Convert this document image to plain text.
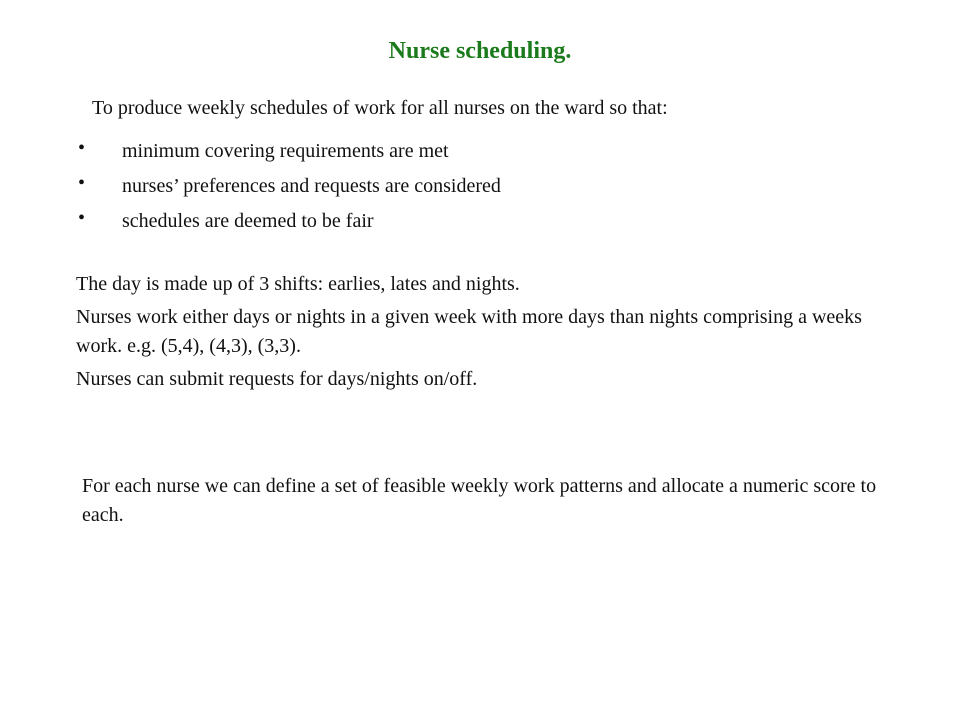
Nurse scheduling.
To produce weekly schedules of work for all nurses on the ward so that:
•	minimum covering requirements are met
•	nurses’ preferences and requests are considered
•	schedules are deemed to be fair

The day is made up of 3 shifts: earlies, lates and nights.

Nurses work either days or nights in a given week with more days than nights comprising a weeks work. e.g. (5,4), (4,3), (3,3).

Nurses can submit requests for days/nights on/off.

For each nurse we can define a set of feasible weekly work patterns and allocate a numeric score to each.
